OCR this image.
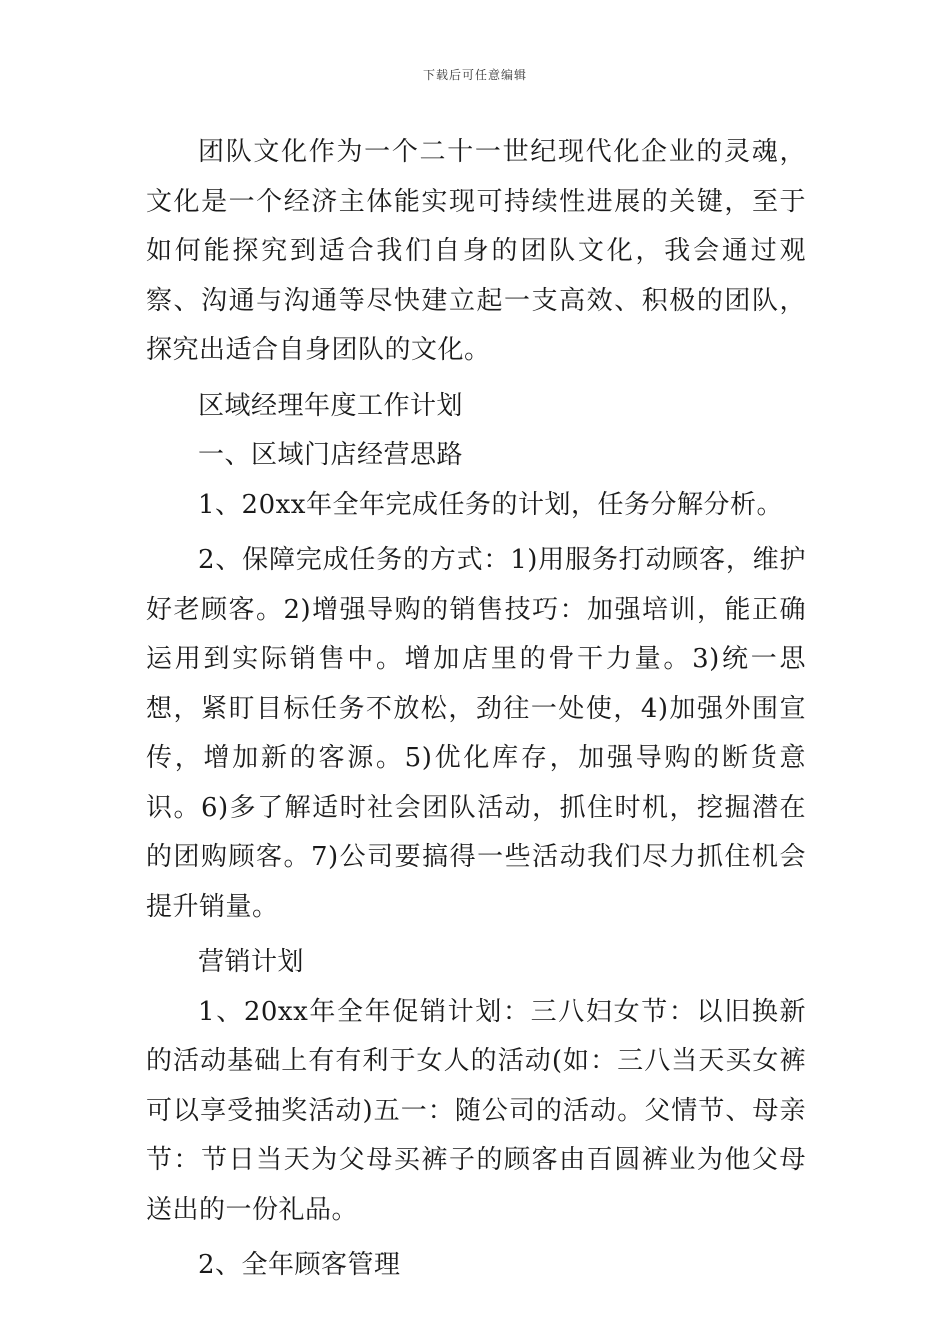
下载后可任意编辑

团队文化作为一个二十一世纪现代化企业的灵魂，文化是一个经济主体能实现可持续性进展的关键，至于如何能探究到适合我们自身的团队文化，我会通过观察、沟通与沟通等尽快建立起一支高效、积极的团队，探究出适合自身团队的文化。

区域经理年度工作计划

一、区域门店经营思路

1、20xx年全年完成任务的计划，任务分解分析。

2、保障完成任务的方式：1)用服务打动顾客，维护好老顾客。2)增强导购的销售技巧：加强培训，能正确运用到实际销售中。增加店里的骨干力量。3)统一思想，紧盯目标任务不放松，劲往一处使，4)加强外围宣传，增加新的客源。5)优化库存，加强导购的断货意识。6)多了解适时社会团队活动，抓住时机，挖掘潜在的团购顾客。7)公司要搞得一些活动我们尽力抓住机会提升销量。

营销计划

1、20xx年全年促销计划：三八妇女节：以旧换新的活动基础上有有利于女人的活动(如：三八当天买女裤可以享受抽奖活动)五一：随公司的活动。父情节、母亲节：节日当天为父母买裤子的顾客由百圆裤业为他父母送出的一份礼品。

2、全年顾客管理
